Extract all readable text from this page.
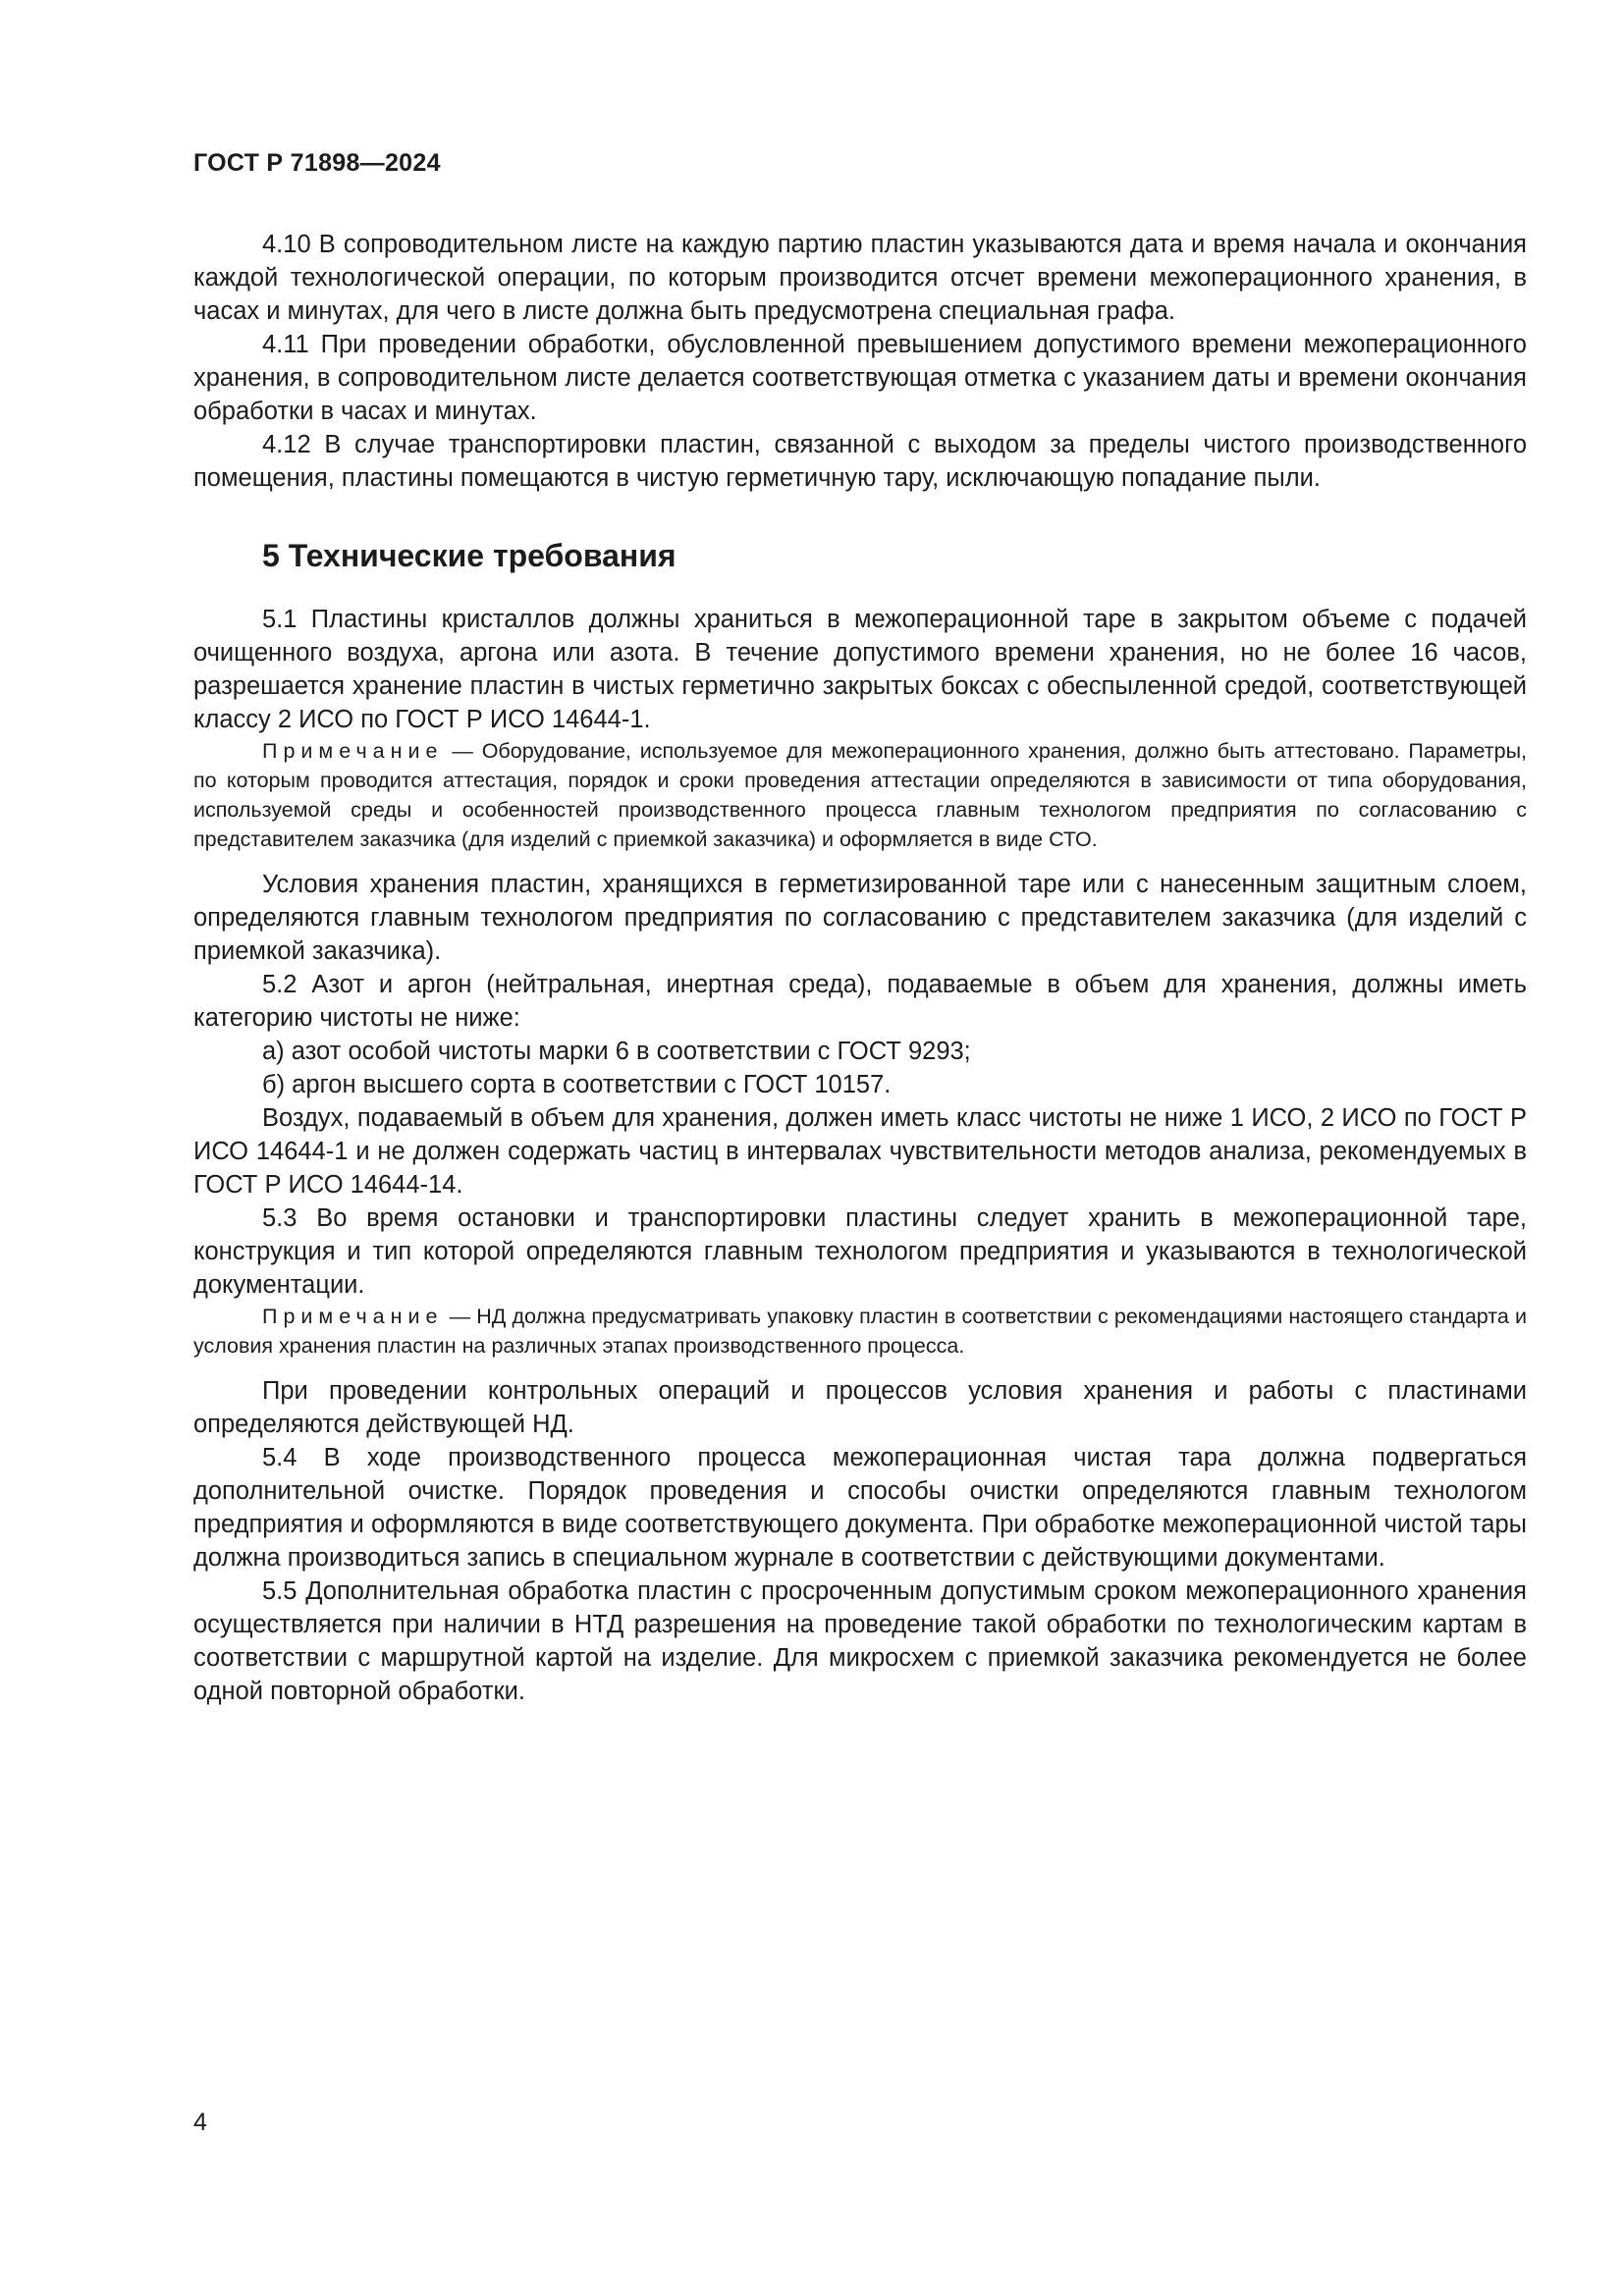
ГОСТ Р 71898—2024

4.10 В сопроводительном листе на каждую партию пластин указываются дата и время начала и окончания каждой технологической операции, по которым производится отсчет времени межоперационного хранения, в часах и минутах, для чего в листе должна быть предусмотрена специальная графа.

4.11 При проведении обработки, обусловленной превышением допустимого времени межоперационного хранения, в сопроводительном листе делается соответствующая отметка с указанием даты и времени окончания обработки в часах и минутах.

4.12 В случае транспортировки пластин, связанной с выходом за пределы чистого производственного помещения, пластины помещаются в чистую герметичную тару, исключающую попадание пыли.

5 Технические требования

5.1 Пластины кристаллов должны храниться в межоперационной таре в закрытом объеме с подачей очищенного воздуха, аргона или азота. В течение допустимого времени хранения, но не более 16 часов, разрешается хранение пластин в чистых герметично закрытых боксах с обеспыленной средой, соответствующей классу 2 ИСО по ГОСТ Р ИСО 14644-1.

Примечание — Оборудование, используемое для межоперационного хранения, должно быть аттестовано. Параметры, по которым проводится аттестация, порядок и сроки проведения аттестации определяются в зависимости от типа оборудования, используемой среды и особенностей производственного процесса главным технологом предприятия по согласованию с представителем заказчика (для изделий с приемкой заказчика) и оформляется в виде СТО.

Условия хранения пластин, хранящихся в герметизированной таре или с нанесенным защитным слоем, определяются главным технологом предприятия по согласованию с представителем заказчика (для изделий с приемкой заказчика).

5.2 Азот и аргон (нейтральная, инертная среда), подаваемые в объем для хранения, должны иметь категорию чистоты не ниже:

а) азот особой чистоты марки 6 в соответствии с ГОСТ 9293;

б) аргон высшего сорта в соответствии с ГОСТ 10157.

Воздух, подаваемый в объем для хранения, должен иметь класс чистоты не ниже 1 ИСО, 2 ИСО по ГОСТ Р ИСО 14644-1 и не должен содержать частиц в интервалах чувствительности методов анализа, рекомендуемых в ГОСТ Р ИСО 14644-14.

5.3 Во время остановки и транспортировки пластины следует хранить в межоперационной таре, конструкция и тип которой определяются главным технологом предприятия и указываются в технологической документации.

Примечание — НД должна предусматривать упаковку пластин в соответствии с рекомендациями настоящего стандарта и условия хранения пластин на различных этапах производственного процесса.

При проведении контрольных операций и процессов условия хранения и работы с пластинами определяются действующей НД.

5.4 В ходе производственного процесса межоперационная чистая тара должна подвергаться дополнительной очистке. Порядок проведения и способы очистки определяются главным технологом предприятия и оформляются в виде соответствующего документа. При обработке межоперационной чистой тары должна производиться запись в специальном журнале в соответствии с действующими документами.

5.5 Дополнительная обработка пластин с просроченным допустимым сроком межоперационного хранения осуществляется при наличии в НТД разрешения на проведение такой обработки по технологическим картам в соответствии с маршрутной картой на изделие. Для микросхем с приемкой заказчика рекомендуется не более одной повторной обработки.

4
